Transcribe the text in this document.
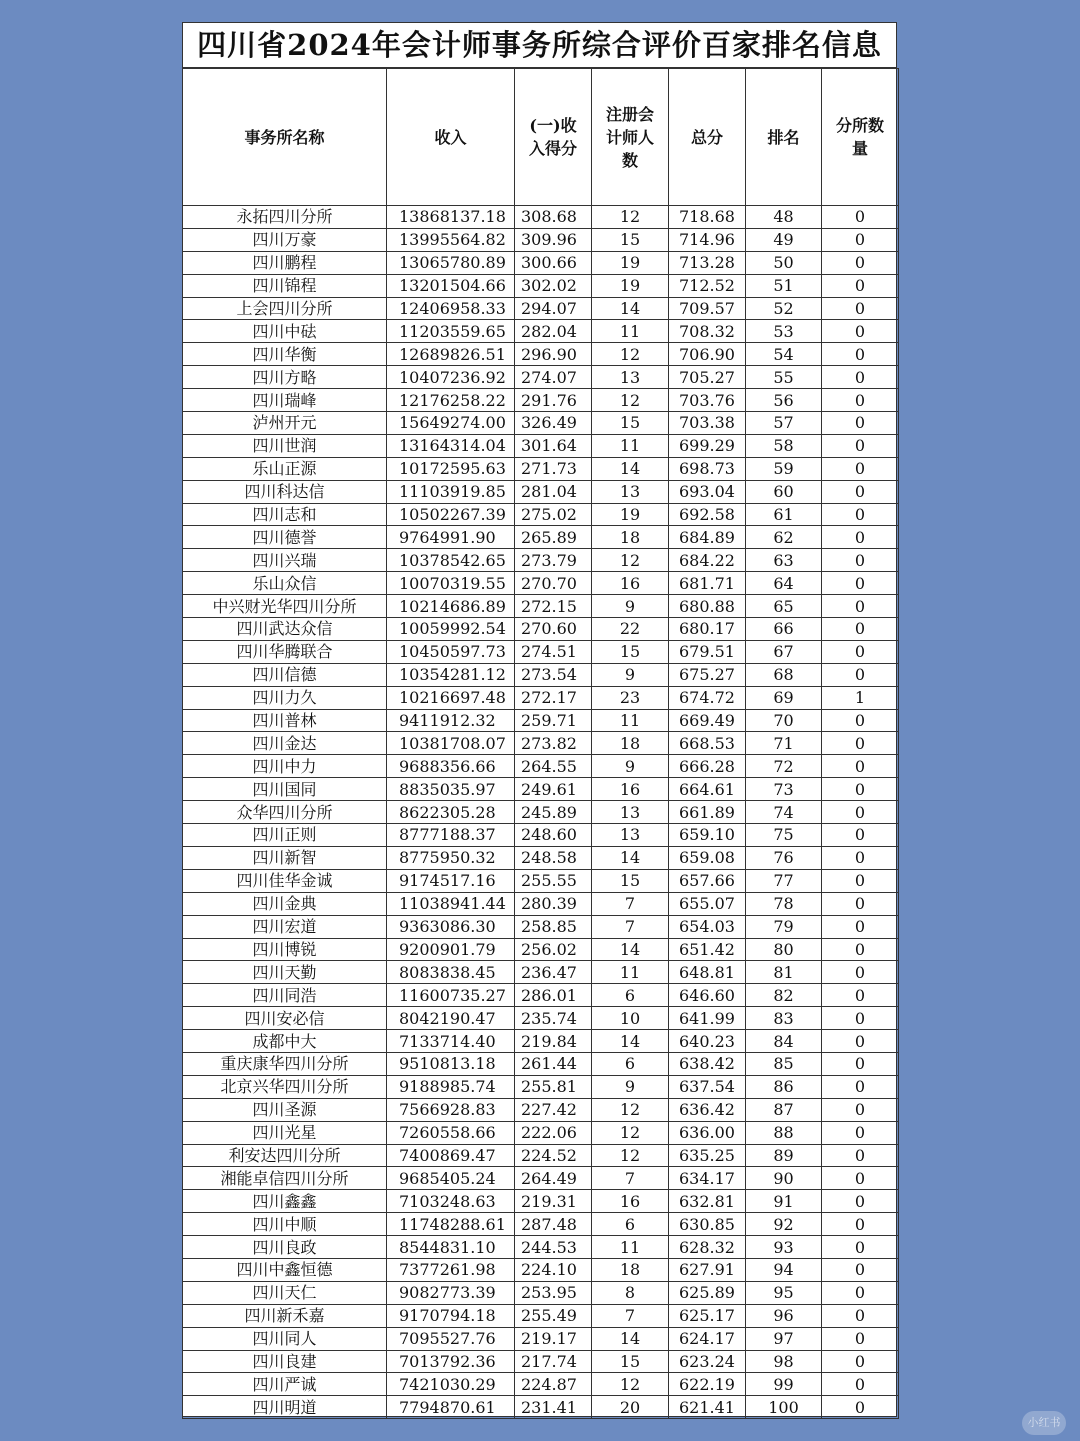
四川省2024年会计师事务所综合评价百家排名信息
事务所名称	收入	(一)收入得分	注册会计师人数	总分	排名	分所数量
永拓四川分所	13868137.18	308.68	12	718.68	48	0
四川万豪	13995564.82	309.96	15	714.96	49	0
四川鹏程	13065780.89	300.66	19	713.28	50	0
四川锦程	13201504.66	302.02	19	712.52	51	0
上会四川分所	12406958.33	294.07	14	709.57	52	0
四川中砝	11203559.65	282.04	11	708.32	53	0
四川华衡	12689826.51	296.90	12	706.90	54	0
四川方略	10407236.92	274.07	13	705.27	55	0
四川瑞峰	12176258.22	291.76	12	703.76	56	0
泸州开元	15649274.00	326.49	15	703.38	57	0
四川世润	13164314.04	301.64	11	699.29	58	0
乐山正源	10172595.63	271.73	14	698.73	59	0
四川科达信	11103919.85	281.04	13	693.04	60	0
四川志和	10502267.39	275.02	19	692.58	61	0
四川德誉	9764991.90	265.89	18	684.89	62	0
四川兴瑞	10378542.65	273.79	12	684.22	63	0
乐山众信	10070319.55	270.70	16	681.71	64	0
中兴财光华四川分所	10214686.89	272.15	9	680.88	65	0
四川武达众信	10059992.54	270.60	22	680.17	66	0
四川华腾联合	10450597.73	274.51	15	679.51	67	0
四川信德	10354281.12	273.54	9	675.27	68	0
四川力久	10216697.48	272.17	23	674.72	69	1
四川普林	9411912.32	259.71	11	669.49	70	0
四川金达	10381708.07	273.82	18	668.53	71	0
四川中力	9688356.66	264.55	9	666.28	72	0
四川国同	8835035.97	249.61	16	664.61	73	0
众华四川分所	8622305.28	245.89	13	661.89	74	0
四川正则	8777188.37	248.60	13	659.10	75	0
四川新智	8775950.32	248.58	14	659.08	76	0
四川佳华金诚	9174517.16	255.55	15	657.66	77	0
四川金典	11038941.44	280.39	7	655.07	78	0
四川宏道	9363086.30	258.85	7	654.03	79	0
四川博锐	9200901.79	256.02	14	651.42	80	0
四川天勤	8083838.45	236.47	11	648.81	81	0
四川同浩	11600735.27	286.01	6	646.60	82	0
四川安必信	8042190.47	235.74	10	641.99	83	0
成都中大	7133714.40	219.84	14	640.23	84	0
重庆康华四川分所	9510813.18	261.44	6	638.42	85	0
北京兴华四川分所	9188985.74	255.81	9	637.54	86	0
四川圣源	7566928.83	227.42	12	636.42	87	0
四川光星	7260558.66	222.06	12	636.00	88	0
利安达四川分所	7400869.47	224.52	12	635.25	89	0
湘能卓信四川分所	9685405.24	264.49	7	634.17	90	0
四川鑫鑫	7103248.63	219.31	16	632.81	91	0
四川中顺	11748288.61	287.48	6	630.85	92	0
四川良政	8544831.10	244.53	11	628.32	93	0
四川中鑫恒德	7377261.98	224.10	18	627.91	94	0
四川天仁	9082773.39	253.95	8	625.89	95	0
四川新禾嘉	9170794.18	255.49	7	625.17	96	0
四川同人	7095527.76	219.17	14	624.17	97	0
四川良建	7013792.36	217.74	15	623.24	98	0
四川严诚	7421030.29	224.87	12	622.19	99	0
四川明道	7794870.61	231.41	20	621.41	100	0
小红书
